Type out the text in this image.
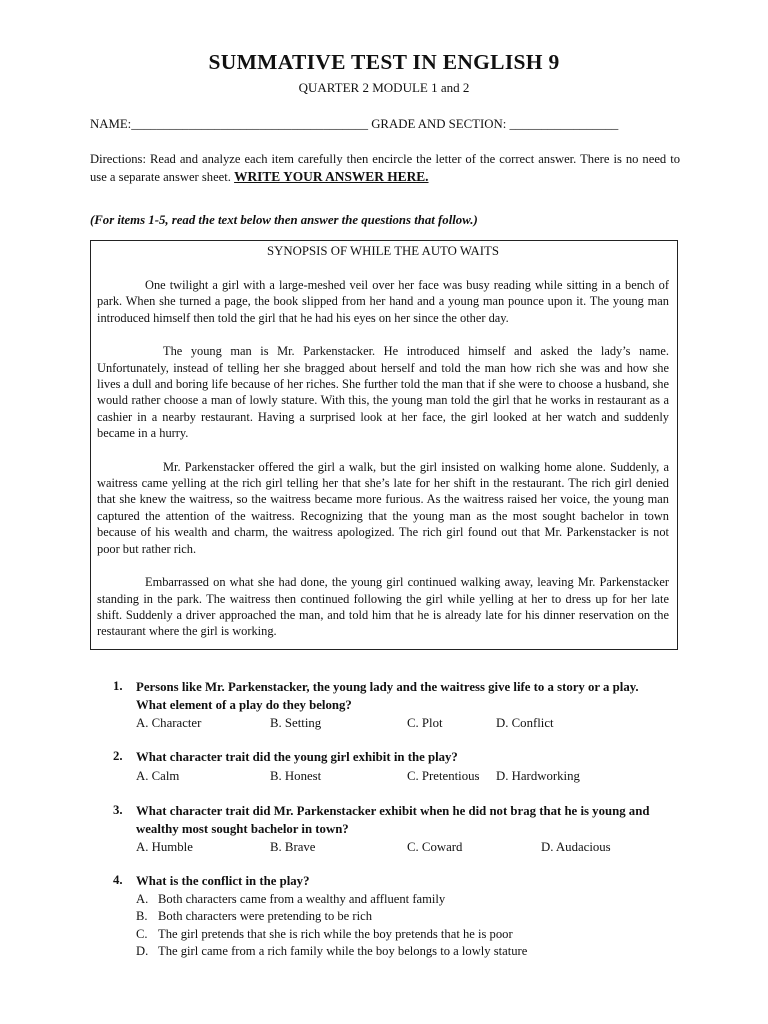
SUMMATIVE TEST IN ENGLISH 9
QUARTER 2 MODULE 1 and 2
NAME:_____________________________________ GRADE AND SECTION: _________________
Directions: Read and analyze each item carefully then encircle the letter of the correct answer. There is no need to use a separate answer sheet. WRITE YOUR ANSWER HERE.
(For items 1-5, read the text below then answer the questions that follow.)
SYNOPSIS OF WHILE THE AUTO WAITS

One twilight a girl with a large-meshed veil over her face was busy reading while sitting in a bench of park. When she turned a page, the book slipped from her hand and a young man pounce upon it. The young man introduced himself then told the girl that he had his eyes on her since the other day.

The young man is Mr. Parkenstacker. He introduced himself and asked the lady’s name. Unfortunately, instead of telling her she bragged about herself and told the man how rich she was and how she lives a dull and boring life because of her riches. She further told the man that if she were to choose a husband, she would rather choose a man of lowly stature. With this, the young man told the girl that he works in restaurant as a cashier in a nearby restaurant. Having a surprised look at her face, the girl looked at her watch and suddenly became in a hurry.

Mr. Parkenstacker offered the girl a walk, but the girl insisted on walking home alone. Suddenly, a waitress came yelling at the rich girl telling her that she’s late for her shift in the restaurant. The rich girl denied that she knew the waitress, so the waitress became more furious. As the waitress raised her voice, the young man captured the attention of the waitress. Recognizing that the young man as the most sought bachelor in town because of his wealth and charm, the waitress apologized. The rich girl found out that Mr. Parkenstacker is not poor but rather rich.

Embarrassed on what she had done, the young girl continued walking away, leaving Mr. Parkenstacker standing in the park. The waitress then continued following the girl while yelling at her to dress up for her late shift. Suddenly a driver approached the man, and told him that he is already late for his dinner reservation on the restaurant where the girl is working.

1.	Persons like Mr. Parkenstacker, the young lady and the waitress give life to a story or a play. What element of a play do they belong?
A. Character	B. Setting	C. Plot	D. Conflict
2.	What character trait did the young girl exhibit in the play?
A. Calm	B. Honest	C. Pretentious	D. Hardworking
3.	What character trait did Mr. Parkenstacker exhibit when he did not brag that he is young and wealthy most sought bachelor in town?
A. Humble	B. Brave	C. Coward	D. Audacious
4.	What is the conflict in the play?
A. Both characters came from a wealthy and affluent family
B. Both characters were pretending to be rich
C. The girl pretends that she is rich while the boy pretends that he is poor
D. The girl came from a rich family while the boy belongs to a lowly stature
